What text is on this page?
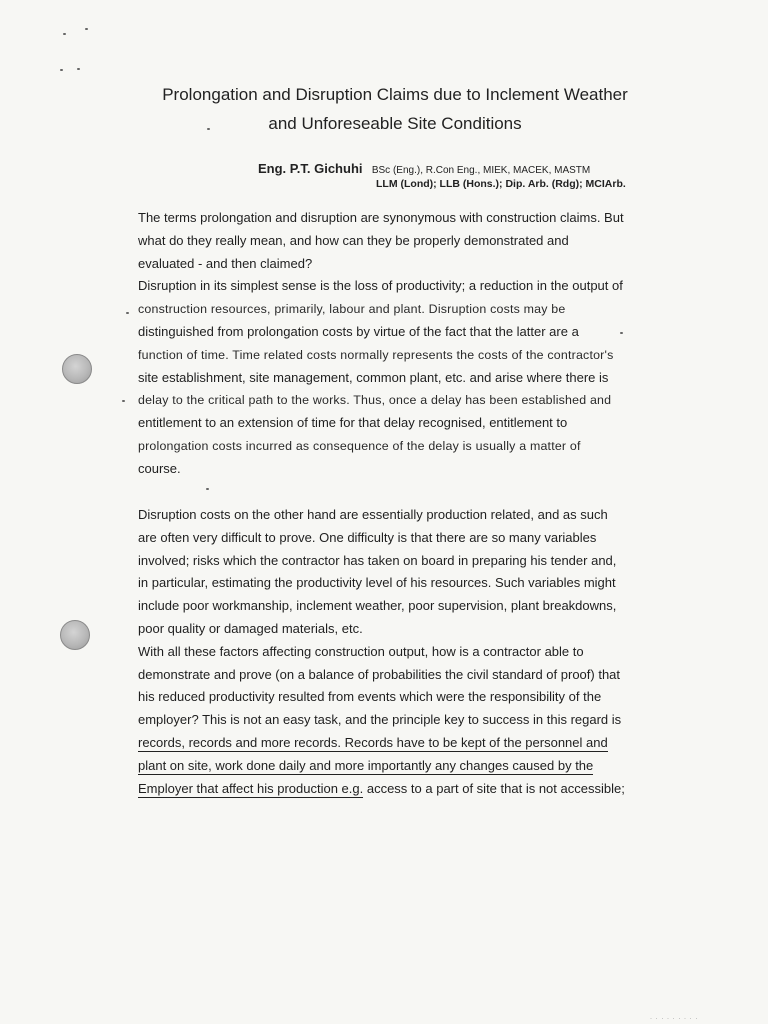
Prolongation and Disruption Claims due to Inclement Weather
and Unforeseable Site Conditions
Eng. P.T. Gichuhi BSc (Eng.), R.Con Eng., MIEK, MACEK, MASTM
LLM (Lond); LLB (Hons.); Dip. Arb. (Rdg); MCIArb.

The terms prolongation and disruption are synonymous with construction claims. But

what do they really mean, and how can they be properly demonstrated and

evaluated - and then claimed?

Disruption in its simplest sense is the loss of productivity; a reduction in the output of

construction resources, primarily, labour and plant. Disruption costs may be

distinguished from prolongation costs by virtue of the fact that the latter are a

function of time. Time related costs normally represents the costs of the contractor's

site establishment, site management, common plant, etc. and arise where there is

delay to the critical path to the works. Thus, once a delay has been established and

entitlement to an extension of time for that delay recognised, entitlement to

prolongation costs incurred as consequence of the delay is usually a matter of

course.

Disruption costs on the other hand are essentially production related, and as such

are often very difficult to prove. One difficulty is that there are so many variables

involved; risks which the contractor has taken on board in preparing his tender and,

in particular, estimating the productivity level of his resources. Such variables might

include poor workmanship, inclement weather, poor supervision, plant breakdowns,

poor quality or damaged materials, etc.

With all these factors affecting construction output, how is a contractor able to

demonstrate and prove (on a balance of probabilities the civil standard of proof) that

his reduced productivity resulted from events which were the responsibility of the

employer? This is not an easy task, and the principle key to success in this regard is

records, records and more records. Records have to be kept of the personnel and

plant on site, work done daily and more importantly any changes caused by the

Employer that affect his production e.g. access to a part of site that is not accessible;

· · · · · · · · ·
